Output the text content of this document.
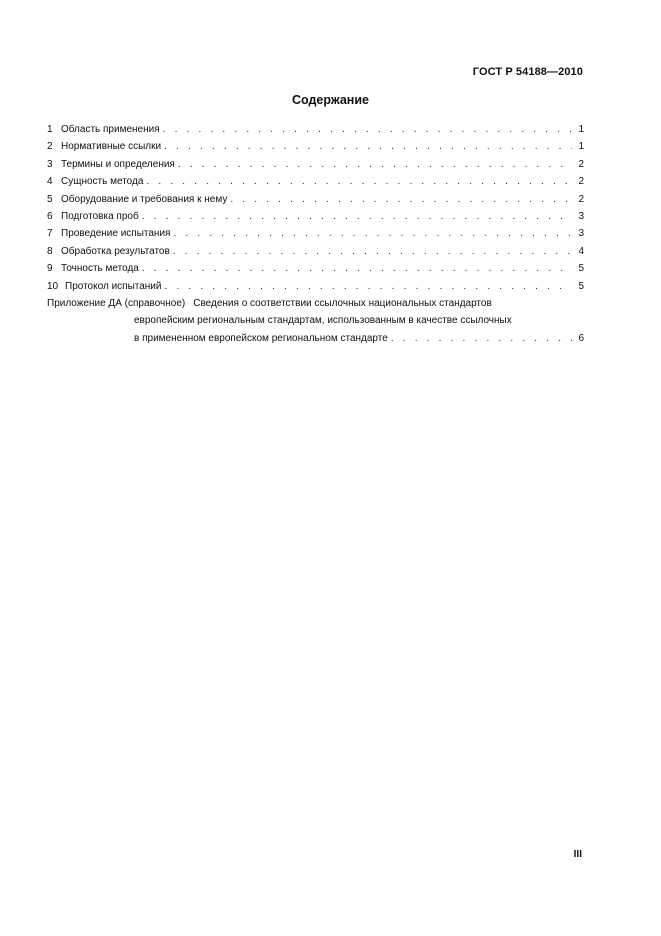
ГОСТ Р 54188—2010
Содержание
1 Область применения . . .	1
2 Нормативные ссылки . . .	1
3 Термины и определения . . .	2
4 Сущность метода . . .	2
5 Оборудование и требования к нему . . .	2
6 Подготовка проб . . .	3
7 Проведение испытания . . .	3
8 Обработка результатов . . .	4
9 Точность метода . . .	5
10 Протокол испытаний . . .	5
Приложение ДА (справочное) Сведения о соответствии ссылочных национальных стандартов
европейским региональным стандартам, использованным в качестве ссылочных
в примененном европейском региональном стандарте . . .	6
III
